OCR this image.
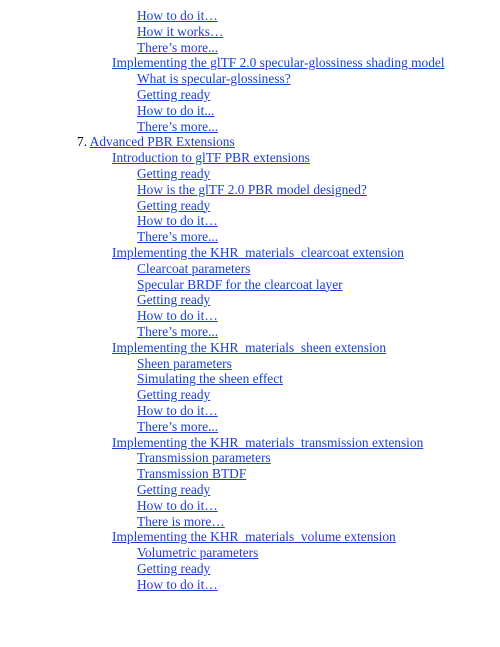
How to do it…
How it works…
There’s more...
Implementing the glTF 2.0 specular-glossiness shading model
What is specular-glossiness?
Getting ready
How to do it...
There’s more...
7. Advanced PBR Extensions
Introduction to glTF PBR extensions
Getting ready
How is the glTF 2.0 PBR model designed?
Getting ready
How to do it…
There’s more...
Implementing the KHR_materials_clearcoat extension
Clearcoat parameters
Specular BRDF for the clearcoat layer
Getting ready
How to do it…
There’s more...
Implementing the KHR_materials_sheen extension
Sheen parameters
Simulating the sheen effect
Getting ready
How to do it…
There’s more...
Implementing the KHR_materials_transmission extension
Transmission parameters
Transmission BTDF
Getting ready
How to do it…
There is more…
Implementing the KHR_materials_volume extension
Volumetric parameters
Getting ready
How to do it…
